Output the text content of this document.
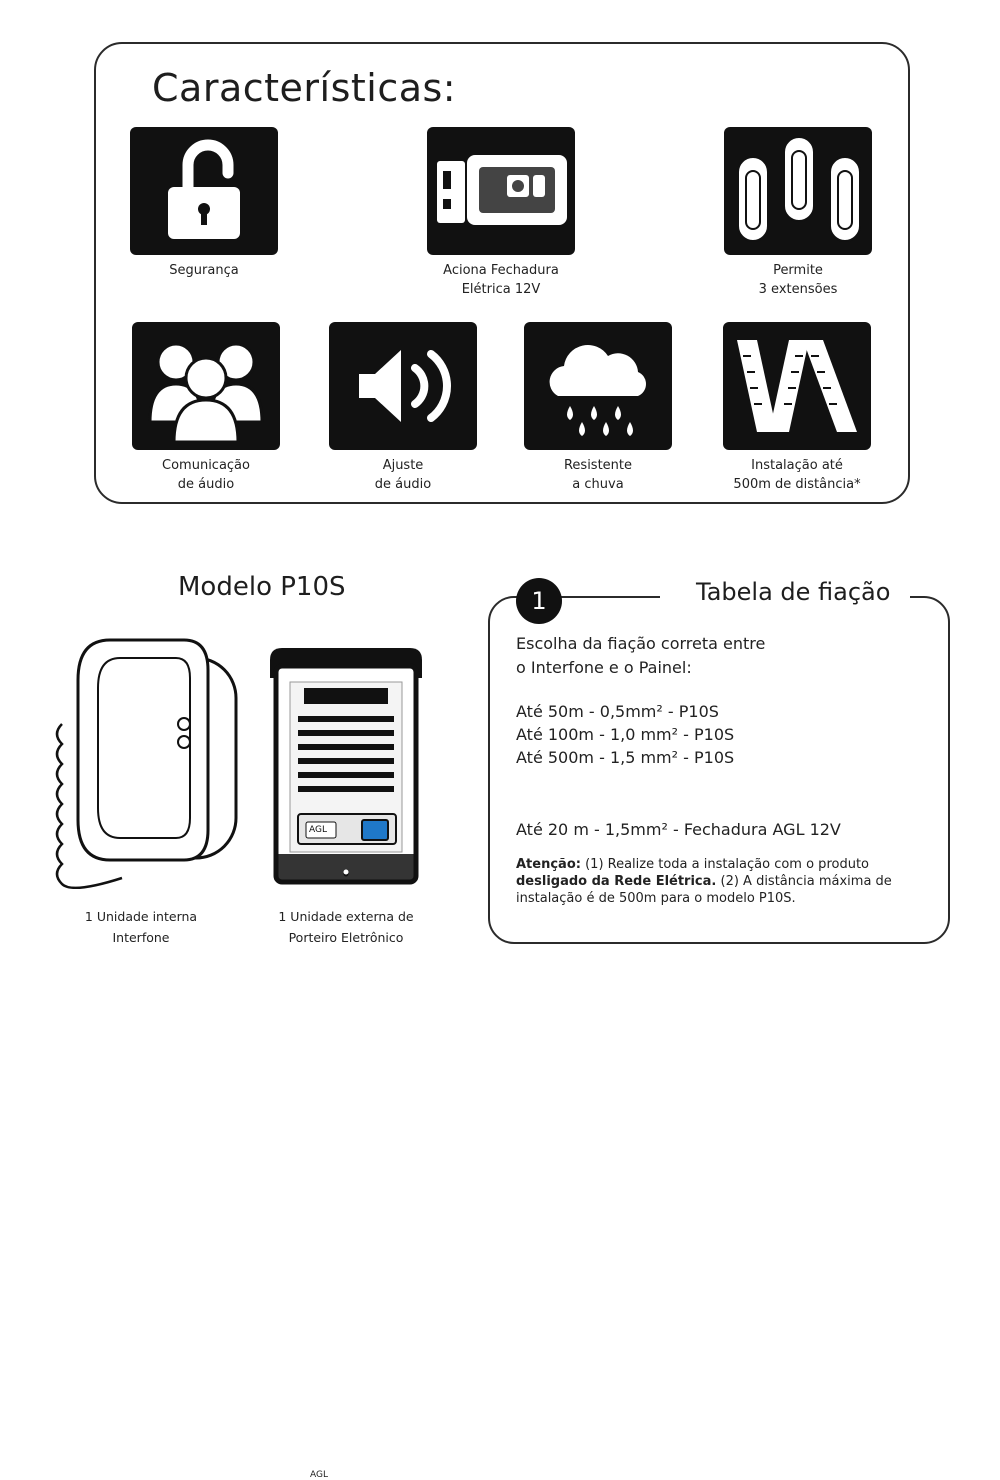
Características:
Segurança	Aciona Fechadura
Elétrica 12V
Permite
3 extensões
Comunicação
de áudio
Ajuste
de áudio
Resistente
a chuva
Instalação até
500m de distância*
Modelo P10S
1 Unidade interna
Interfone
AGL
AGL
1 Unidade externa de
Porteiro Eletrônico
1	Tabela de fiação
Escolha da fiação correta entre
o Interfone e o Painel:
Até 50m - 0,5mm² - P10S
Até 100m - 1,0 mm² - P10S
Até 500m - 1,5 mm² - P10S
Até 20 m - 1,5mm² - Fechadura AGL 12V
Atenção: (1) Realize toda a instalação com o produto
desligado da Rede Elétrica. (2) A distância máxima de
instalação é de 500m para o modelo P10S.
